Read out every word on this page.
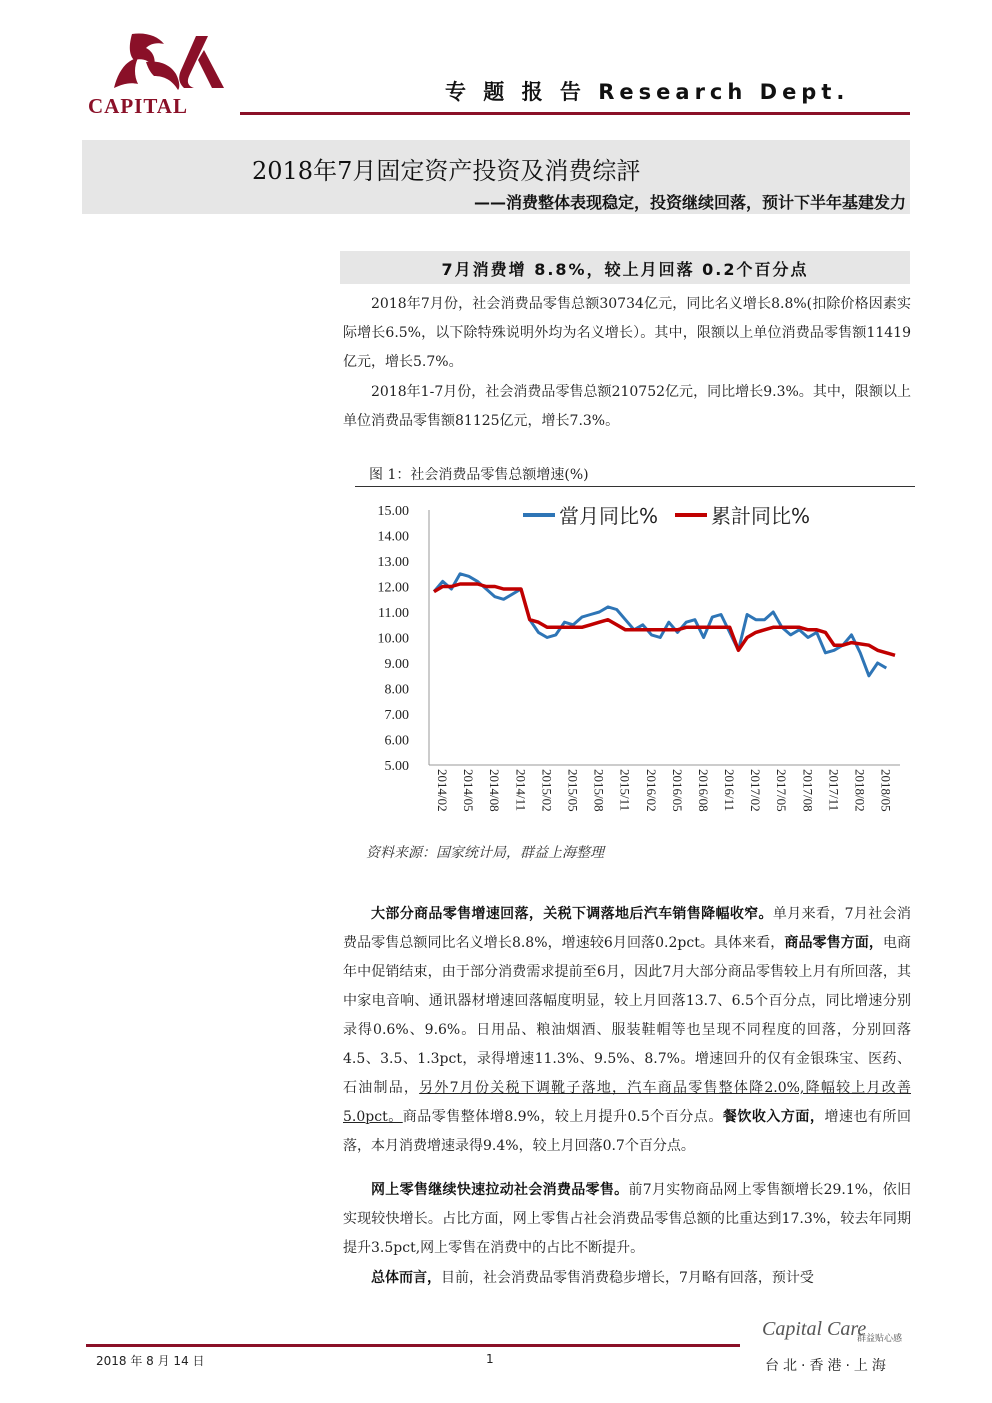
CAPITAL
专 题 报 告 Research Dept.
2018年7月固定资产投资及消费综評
——消费整体表现稳定，投资继续回落，预计下半年基建发力
7月消费增 8.8%，较上月回落 0.2个百分点

2018年7月份，社会消费品零售总额30734亿元，同比名义增长8.8%(扣除价格因素实际增长6.5%，以下除特殊说明外均为名义增长）。其中，限额以上单位消费品零售额11419亿元，增长5.7%。

2018年1-7月份，社会消费品零售总额210752亿元，同比增长9.3%。其中，限额以上单位消费品零售额81125亿元，增长7.3%。

图 1：社会消费品零售总额增速(%)
15.00
14.00
13.00
12.00
11.00
10.00
9.00
8.00
7.00
6.00
5.00
2014/02 2014/05 2014/08 2014/11 2015/02 2015/05 2015/08 2015/11 2016/02 2016/05 2016/08 2016/11 2017/02 2017/05 2017/08 2017/11 2018/02 2018/05
當月同比%	累計同比%
资料来源：国家统计局，群益上海整理

大部分商品零售增速回落，关税下调落地后汽车销售降幅收窄。单月来看，7月社会消费品零售总额同比名义增长8.8%，增速较6月回落0.2pct。具体来看，商品零售方面，电商年中促销结束，由于部分消费需求提前至6月，因此7月大部分商品零售较上月有所回落，其中家电音响、通讯器材增速回落幅度明显，较上月回落13.7、6.5个百分点，同比增速分别录得0.6%、9.6%。日用品、粮油烟酒、服装鞋帽等也呈现不同程度的回落，分别回落4.5、3.5、1.3pct，录得增速11.3%、9.5%、8.7%。增速回升的仅有金银珠宝、医药、石油制品，另外7月份关税下调靴子落地，汽车商品零售整体降2.0%,降幅较上月改善5.0pct。商品零售整体增8.9%，较上月提升0.5个百分点。餐饮收入方面，增速也有所回落，本月消费增速录得9.4%，较上月回落0.7个百分点。

网上零售继续快速拉动社会消费品零售。前7月实物商品网上零售额增长29.1%，依旧实现较快增长。占比方面，网上零售占社会消费品零售总额的比重达到17.3%，较去年同期提升3.5pct,网上零售在消费中的占比不断提升。

总体而言，目前，社会消费品零售消费稳步增长，7月略有回落，预计受

Capital Care
群益贴心感
2018 年 8 月 14 日	1	台北·香港·上海
